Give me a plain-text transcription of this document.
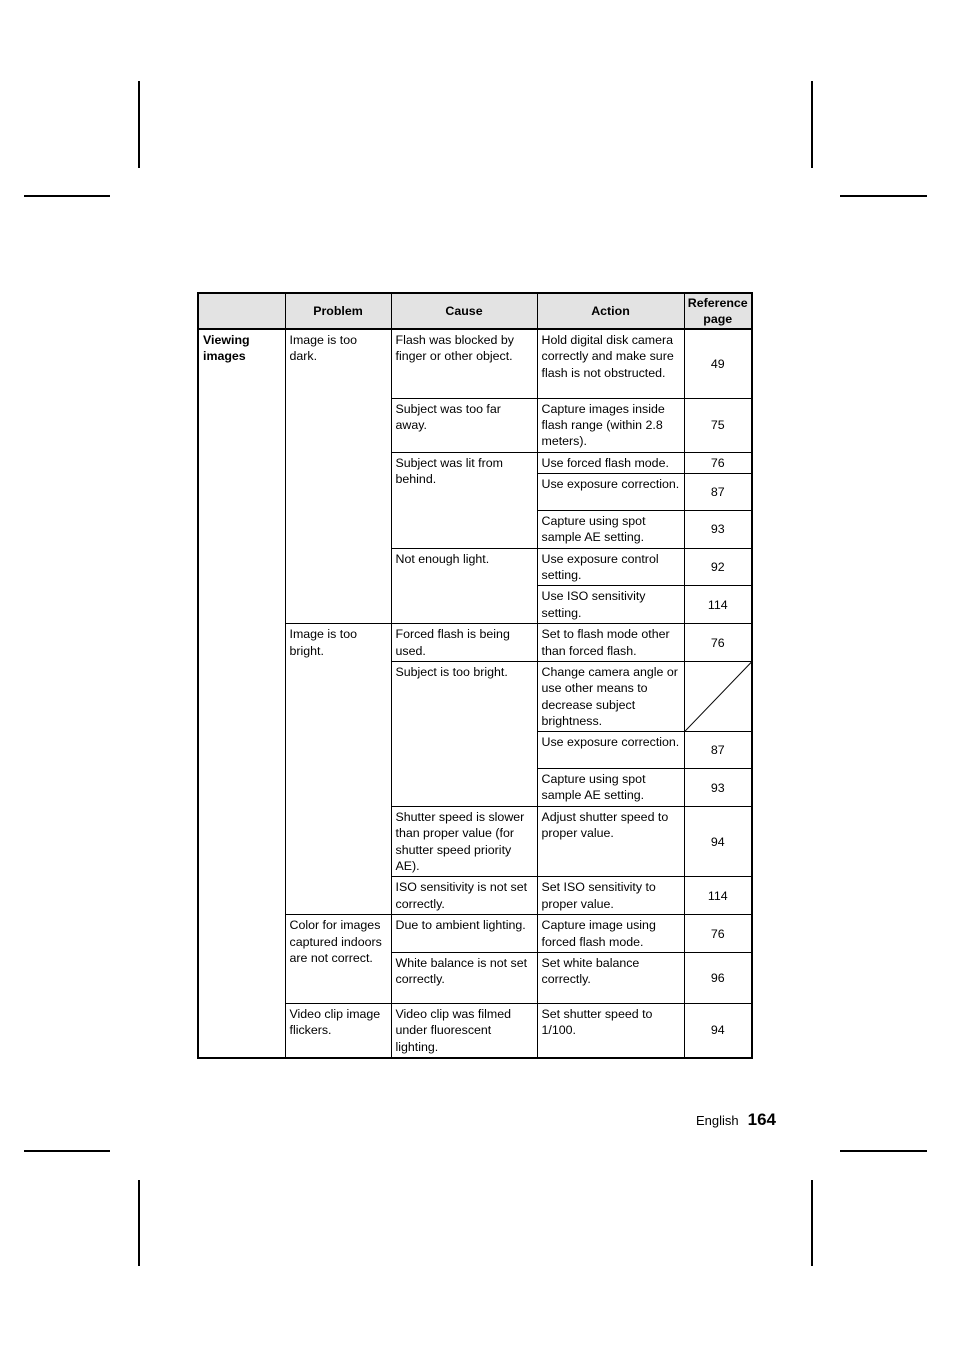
	Problem	Cause	Action	Reference page
Viewing images	Image is too dark.	Flash was blocked by finger or other object.	Hold digital disk camera correctly and make sure flash is not obstructed.	49
		Subject was too far away.	Capture images inside flash range (within 2.8 meters).	75
		Subject was lit from behind.	Use forced flash mode.	76
			Use exposure correction.	87
			Capture using spot sample AE setting.	93
		Not enough light.	Use exposure control setting.	92
			Use ISO sensitivity setting.	114
	Image is too bright.	Forced flash is being used.	Set to flash mode other than forced flash.	76
		Subject is too bright.	Change camera angle or use other means to decrease subject brightness.	

			Use exposure correction.	87
			Capture using spot sample AE setting.	93
		Shutter speed is slower than proper value (for shutter speed priority AE).	Adjust shutter speed to proper value.	94
		ISO sensitivity is not set correctly.	Set ISO sensitivity to proper value.	114
	Color for images captured indoors are not correct.	Due to ambient lighting.	Capture image using forced flash mode.	76
		White balance is not set correctly.	Set white balance correctly.	96
	Video clip image flickers.	Video clip was filmed under fluorescent lighting.	Set shutter speed to 1/100.	94
English 164
